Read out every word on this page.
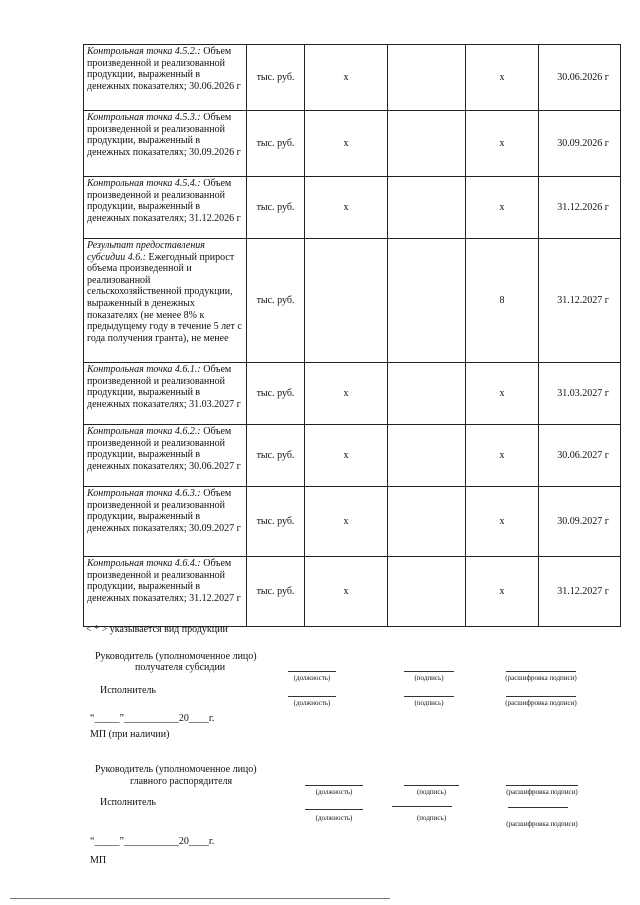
Контрольная точка 4.5.2.: Объем произведенной и реализованной продукции, выраженный в денежных показателях; 30.06.2026 г	тыс. руб.	x		x	30.06.2026 г
Контрольная точка 4.5.3.: Объем произведенной и реализованной продукции, выраженный в денежных показателях; 30.09.2026 г	тыс. руб.	x		x	30.09.2026 г
Контрольная точка 4.5.4.: Объем произведенной и реализованной продукции, выраженный в денежных показателях; 31.12.2026 г	тыс. руб.	x		x	31.12.2026 г
Результат предоставления субсидии 4.6.: Ежегодный прирост объема произведенной и реализованной сельскохозяйственной продукции, выраженный в денежных показателях (не менее 8% к предыдущему году в течение 5 лет с года получения гранта), не менее	тыс. руб.			8	31.12.2027 г
Контрольная точка 4.6.1.: Объем произведенной и реализованной продукции, выраженный в денежных показателях; 31.03.2027 г	тыс. руб.	x		x	31.03.2027 г
Контрольная точка 4.6.2.: Объем произведенной и реализованной продукции, выраженный в денежных показателях; 30.06.2027 г	тыс. руб.	x		x	30.06.2027 г
Контрольная точка 4.6.3.: Объем произведенной и реализованной продукции, выраженный в денежных показателях; 30.09.2027 г	тыс. руб.	x		x	30.09.2027 г
Контрольная точка 4.6.4.: Объем произведенной и реализованной продукции, выраженный в денежных показателях; 31.12.2027 г	тыс. руб.	x		x	31.12.2027 г
< * > указывается вид продукции
Руководитель (уполномоченное лицо)
получателя субсидии
(должность)	(подпись)	(расшифровка подписи)
Исполнитель
(должность)	(подпись)	(расшифровка подписи)
“_____”___________20____г.
МП (при наличии)
Руководитель (уполномоченное лицо)
главного распорядителя
(должность)	(подпись)	(расшифровка подписи)
Исполнитель
(должность)	(подпись)
(расшифровка подписи)
“_____”___________20____г.
МП
